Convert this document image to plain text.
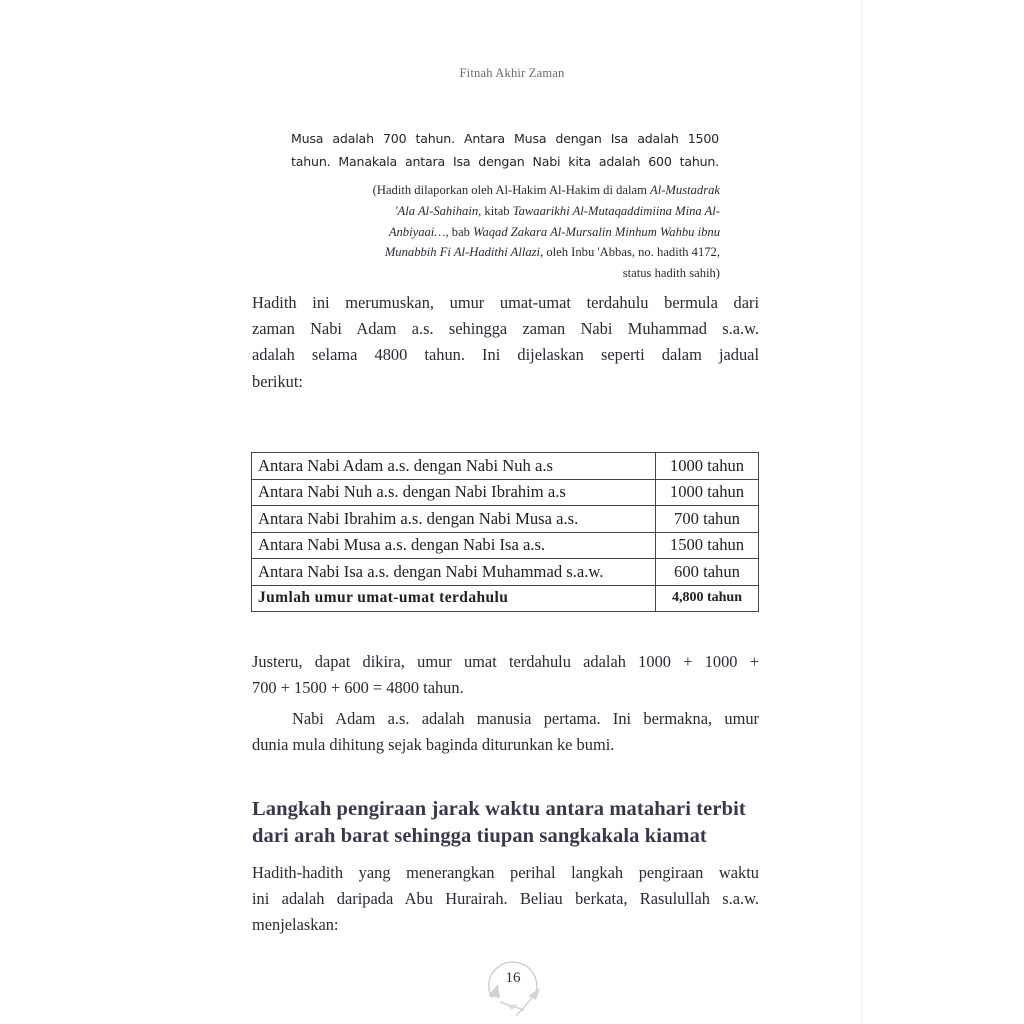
Fitnah Akhir Zaman
Musa adalah 700 tahun. Antara Musa dengan Isa adalah 1500
tahun. Manakala antara Isa dengan Nabi kita adalah 600 tahun.
(Hadith dilaporkan oleh Al-Hakim Al-Hakim di dalam Al-Mustadrak
'Ala Al-Sahihain, kitab Tawaarikhi Al-Mutaqaddimiina Mina Al-
Anbiyaai…, bab Waqad Zakara Al-Mursalin Minhum Wahbu ibnu
Munabbih Fi Al-Hadithi Allazi, oleh Inbu 'Abbas, no. hadith 4172,
status hadith sahih)
Hadith ini merumuskan, umur umat-umat terdahulu bermula dari
zaman Nabi Adam a.s. sehingga zaman Nabi Muhammad s.a.w.
adalah selama 4800 tahun. Ini dijelaskan seperti dalam jadual
berikut:
Antara Nabi Adam a.s. dengan Nabi Nuh a.s	1000 tahun
Antara Nabi Nuh a.s. dengan Nabi Ibrahim a.s	1000 tahun
Antara Nabi Ibrahim a.s. dengan Nabi Musa a.s.	700 tahun
Antara Nabi Musa a.s. dengan Nabi Isa a.s.	1500 tahun
Antara Nabi Isa a.s. dengan Nabi Muhammad s.a.w.	600 tahun
Jumlah umur umat-umat terdahulu	4,800 tahun
Justeru, dapat dikira, umur umat terdahulu adalah 1000 + 1000 +
700 + 1500 + 600 = 4800 tahun.
Nabi Adam a.s. adalah manusia pertama. Ini bermakna, umur
dunia mula dihitung sejak baginda diturunkan ke bumi.
Langkah pengiraan jarak waktu antara matahari terbit
dari arah barat sehingga tiupan sangkakala kiamat
Hadith-hadith yang menerangkan perihal langkah pengiraan waktu
ini adalah daripada Abu Hurairah. Beliau berkata, Rasulullah s.a.w.
menjelaskan:
16
